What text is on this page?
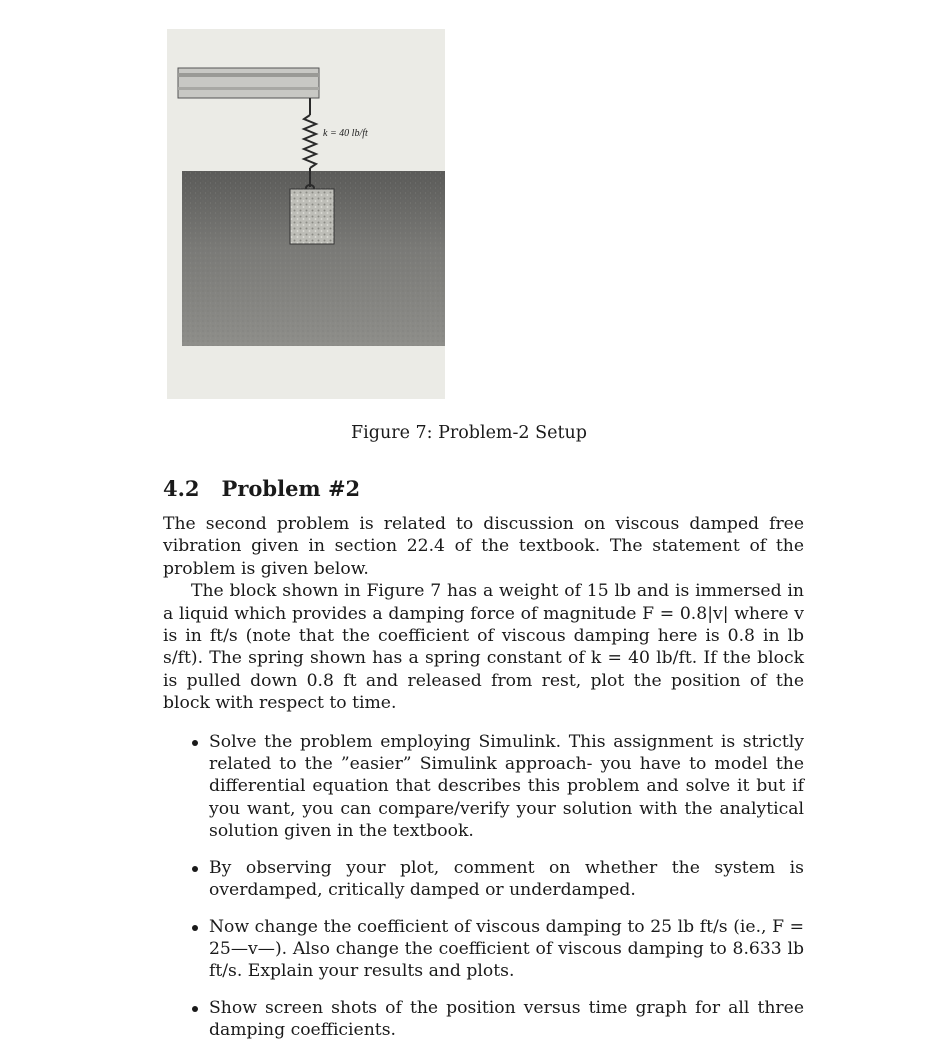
k = 40 lb/ft
Figure 7: Problem-2 Setup
4.2 Problem #2

The second problem is related to discussion on viscous damped free vibration given in section 22.4 of the textbook. The statement of the problem is given below.

The block shown in Figure 7 has a weight of 15 lb and is immersed in a liquid which provides a damping force of magnitude F = 0.8|v| where v is in ft/s (note that the coefficient of viscous damping here is 0.8 in lb s/ft). The spring shown has a spring constant of k = 40 lb/ft. If the block is pulled down 0.8 ft and released from rest, plot the position of the block with respect to time.

Solve the problem employing Simulink. This assignment is strictly related to the ”easier” Simulink approach- you have to model the differential equation that describes this problem and solve it but if you want, you can compare/verify your solution with the analytical solution given in the textbook.
By observing your plot, comment on whether the system is overdamped, critically damped or underdamped.
Now change the coefficient of viscous damping to 25 lb ft/s (ie., F = 25—v—). Also change the coefficient of viscous damping to 8.633 lb ft/s. Explain your results and plots.
Show screen shots of the position versus time graph for all three damping coefficients.
